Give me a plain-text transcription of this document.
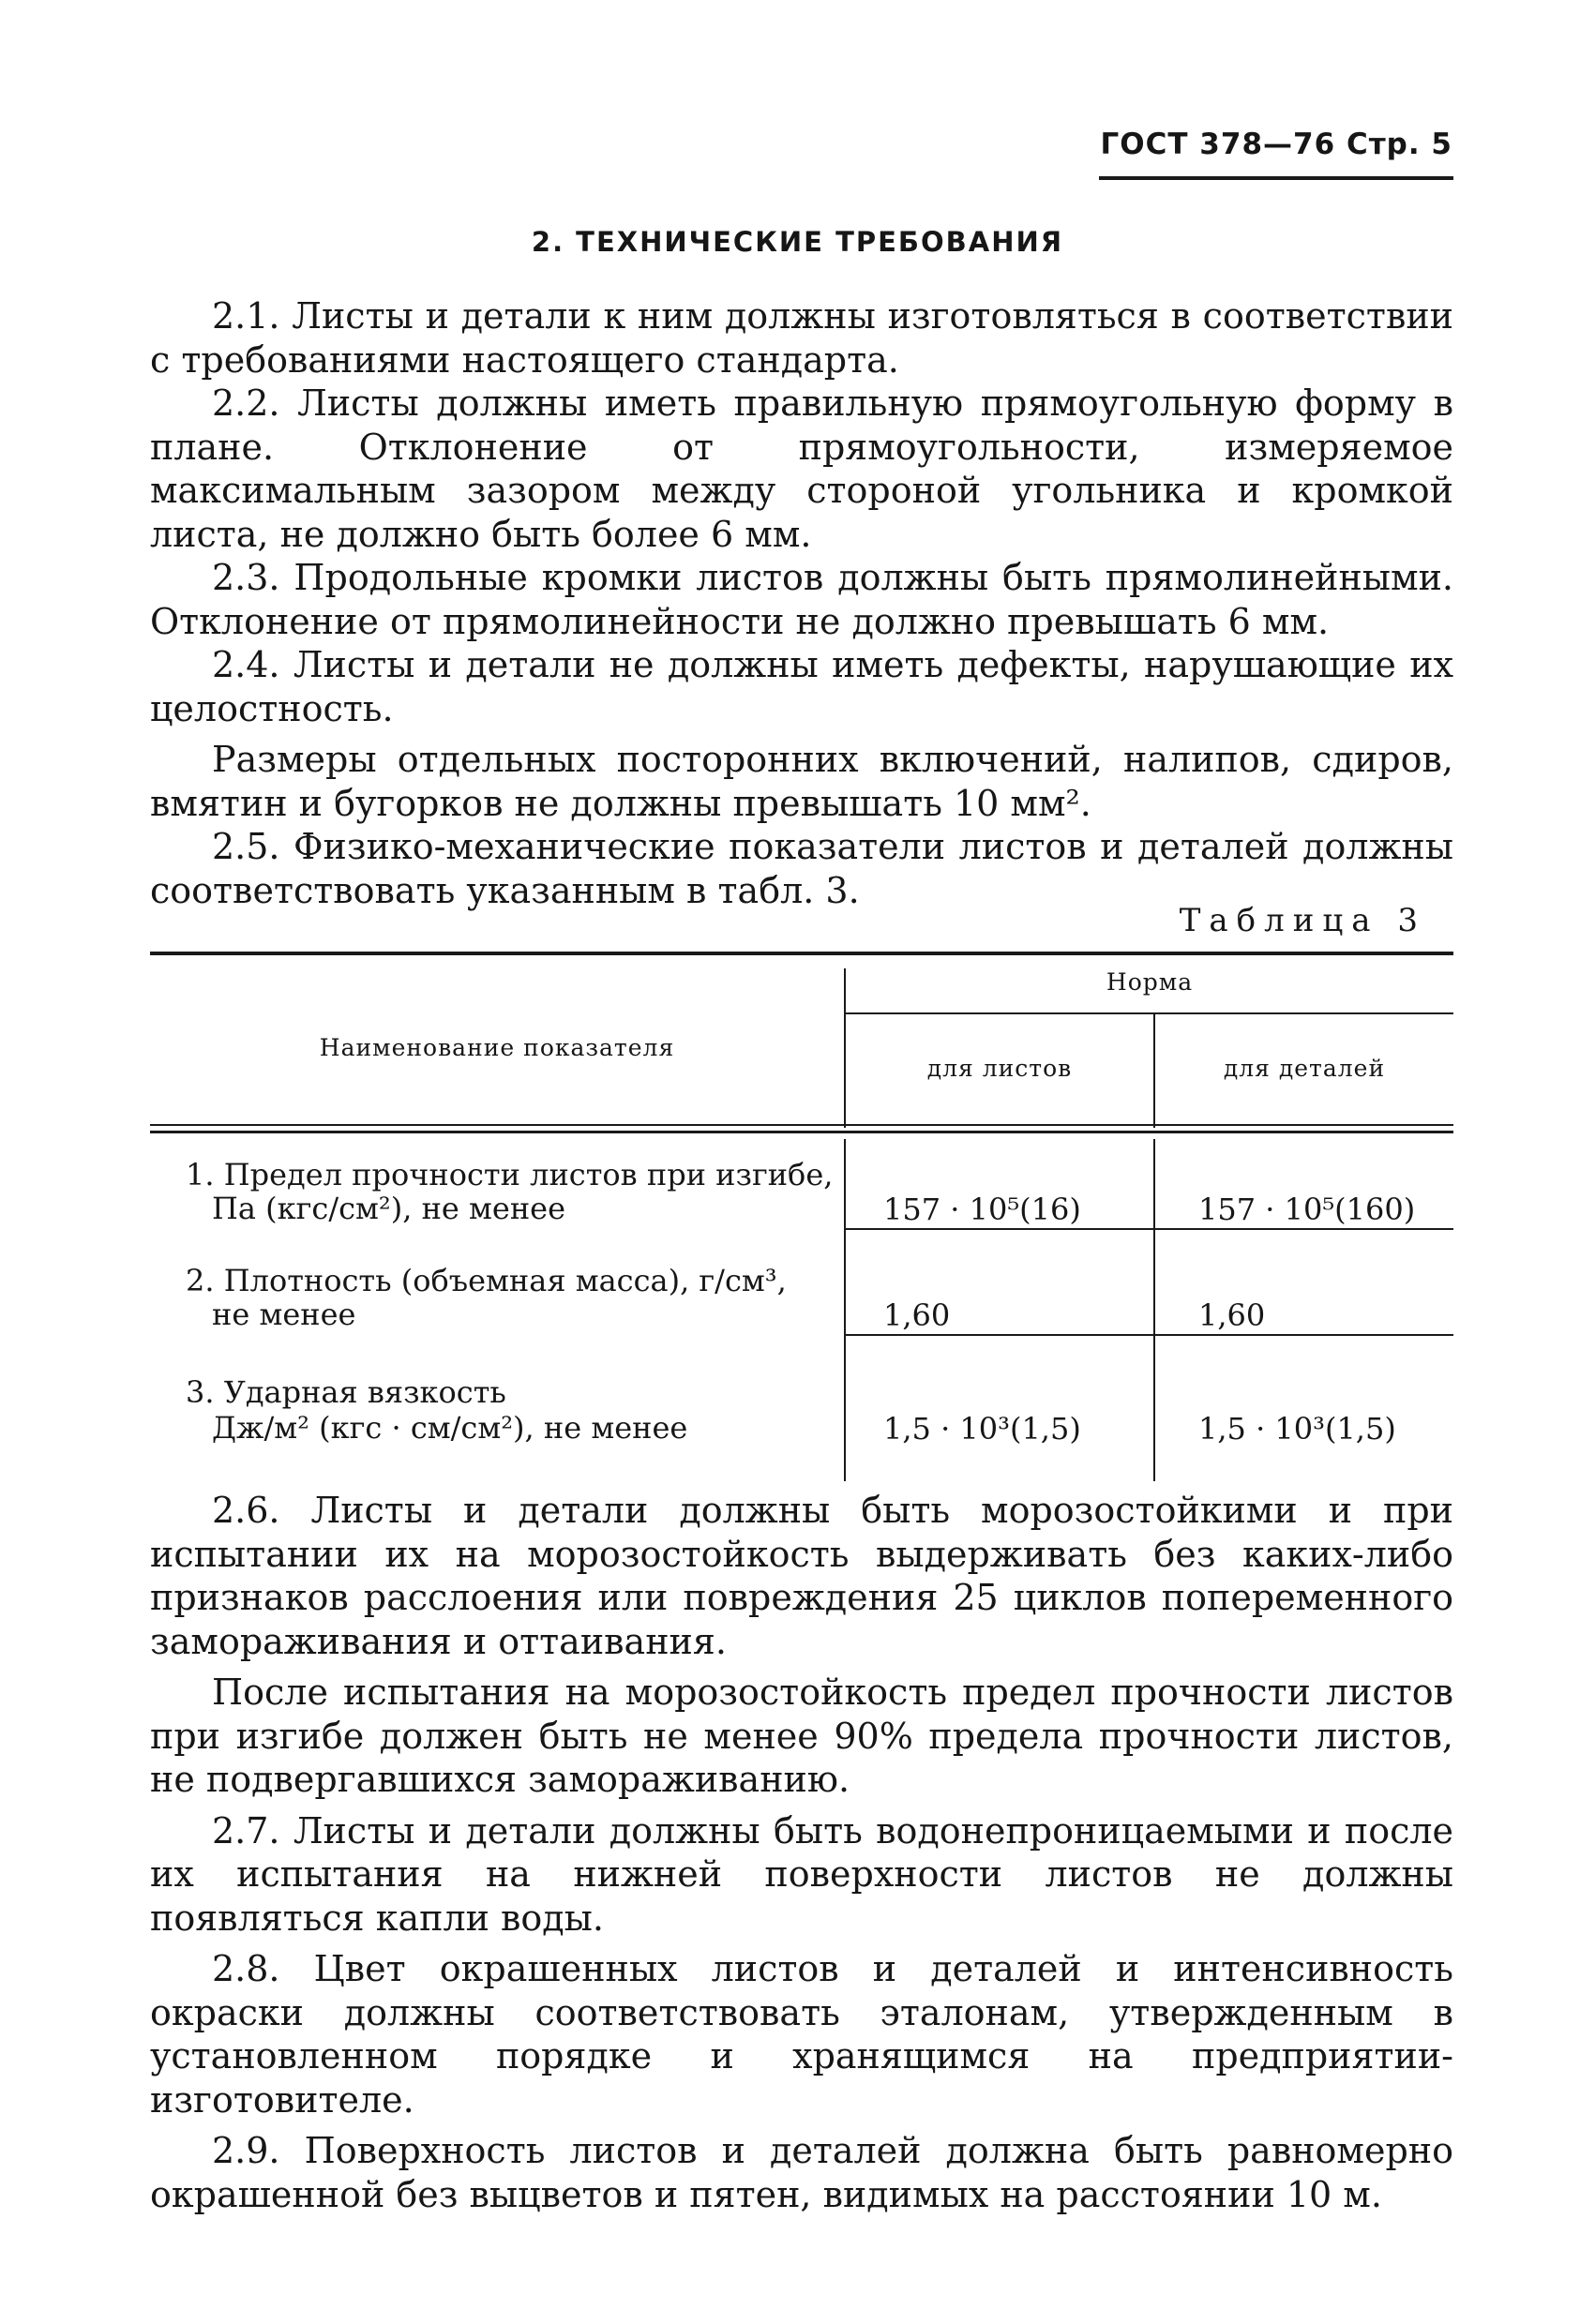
ГОСТ 378—76 Стр. 5
2. ТЕХНИЧЕСКИЕ ТРЕБОВАНИЯ

2.1. Листы и детали к ним должны изготовляться в соответствии с требованиями настоящего стандарта.

2.2. Листы должны иметь правильную прямоугольную форму в плане. Отклонение от прямоугольности, измеряемое максимальным зазором между стороной угольника и кромкой листа, не должно быть более 6 мм.

2.3. Продольные кромки листов должны быть прямолинейными. Отклонение от прямолинейности не должно превышать 6 мм.

2.4. Листы и детали не должны иметь дефекты, нарушающие их целостность.

Размеры отдельных посторонних включений, налипов, сдиров, вмятин и бугорков не должны превышать 10 мм².

2.5. Физико-механические показатели листов и деталей должны соответствовать указанным в табл. 3.

Таблица 3
Наименование показателя
Норма
для листов	для деталей
1. Предел прочности листов при изгибе,
Па (кгс/см²), не менее	157 · 10⁵(16)	157 · 10⁵(160)
2. Плотность (объемная масса), г/см³,
не менее	1,60	1,60
3. Ударная вязкость
Дж/м² (кгс · см/см²), не менее	1,5 · 10³(1,5)	1,5 · 10³(1,5)

2.6. Листы и детали должны быть морозостойкими и при испытании их на морозостойкость выдерживать без каких-либо признаков расслоения или повреждения 25 циклов попеременного замораживания и оттаивания.

После испытания на морозостойкость предел прочности листов при изгибе должен быть не менее 90% предела прочности листов, не подвергавшихся замораживанию.

2.7. Листы и детали должны быть водонепроницаемыми и после их испытания на нижней поверхности листов не должны появляться капли воды.

2.8. Цвет окрашенных листов и деталей и интенсивность окраски должны соответствовать эталонам, утвержденным в установленном порядке и хранящимся на предприятии-изготовителе.

2.9. Поверхность листов и деталей должна быть равномерно окрашенной без выцветов и пятен, видимых на расстоянии 10 м.
